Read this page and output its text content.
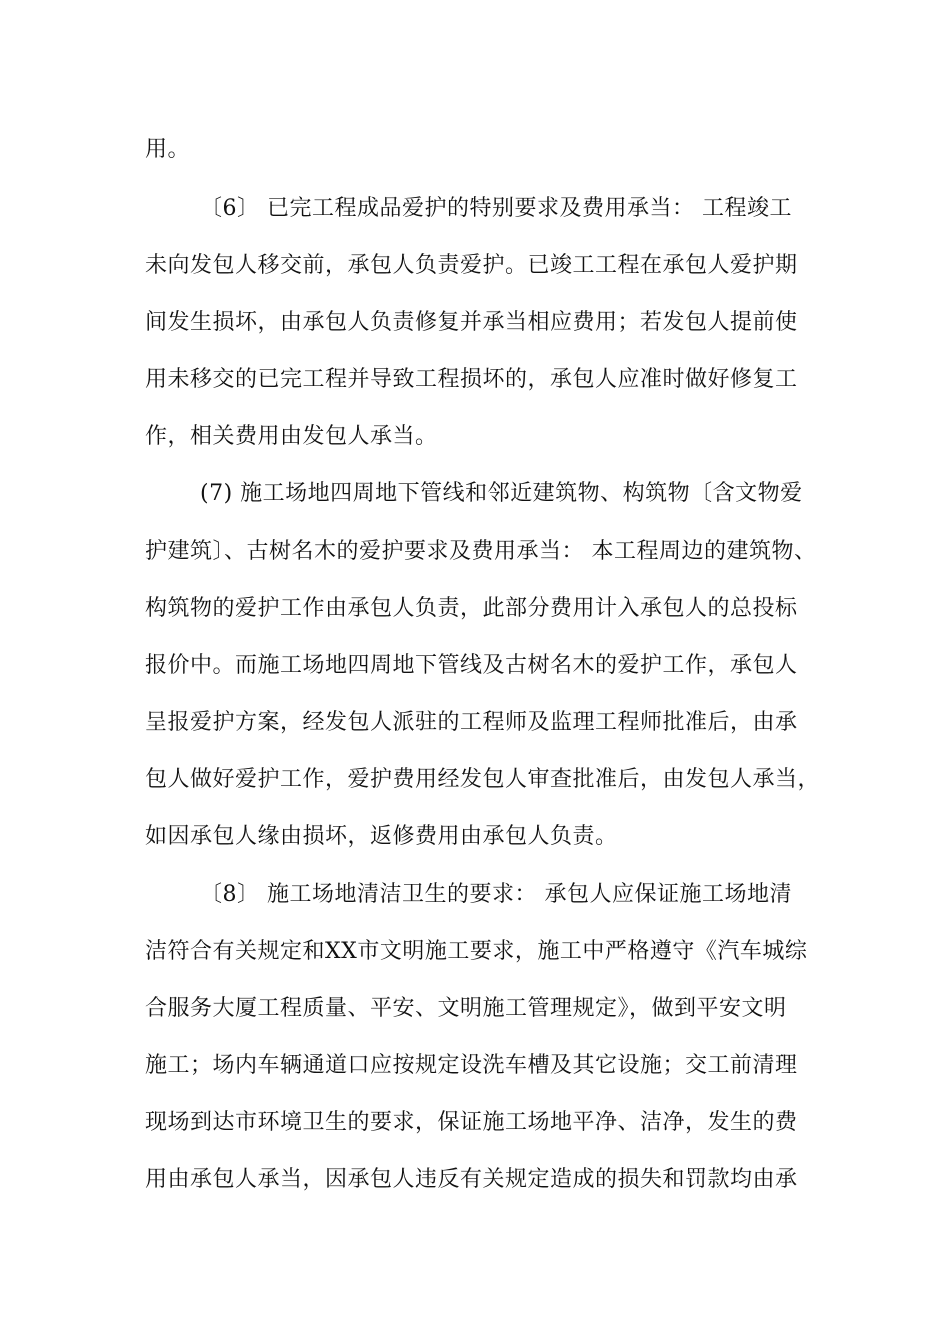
用。
〔6〕 已完工程成品爱护的特别要求及费用承当： 工程竣工
未向发包人移交前，承包人负责爱护。已竣工工程在承包人爱护期
间发生损坏，由承包人负责修复并承当相应费用；若发包人提前使
用未移交的已完工程并导致工程损坏的，承包人应准时做好修复工
作，相关费用由发包人承当。
(7) 施工场地四周地下管线和邻近建筑物、构筑物〔含文物爱
护建筑〕、古树名木的爱护要求及费用承当： 本工程周边的建筑物、
构筑物的爱护工作由承包人负责，此部分费用计入承包人的总投标
报价中。而施工场地四周地下管线及古树名木的爱护工作，承包人
呈报爱护方案，经发包人派驻的工程师及监理工程师批准后，由承
包人做好爱护工作，爱护费用经发包人审查批准后，由发包人承当，
如因承包人缘由损坏，返修费用由承包人负责。
〔8〕 施工场地清洁卫生的要求： 承包人应保证施工场地清
洁符合有关规定和XX市文明施工要求，施工中严格遵守《汽车城综
合服务大厦工程质量、平安、文明施工管理规定》，做到平安文明
施工；场内车辆通道口应按规定设洗车槽及其它设施；交工前清理
现场到达市环境卫生的要求，保证施工场地平净、洁净，发生的费
用由承包人承当，因承包人违反有关规定造成的损失和罚款均由承
